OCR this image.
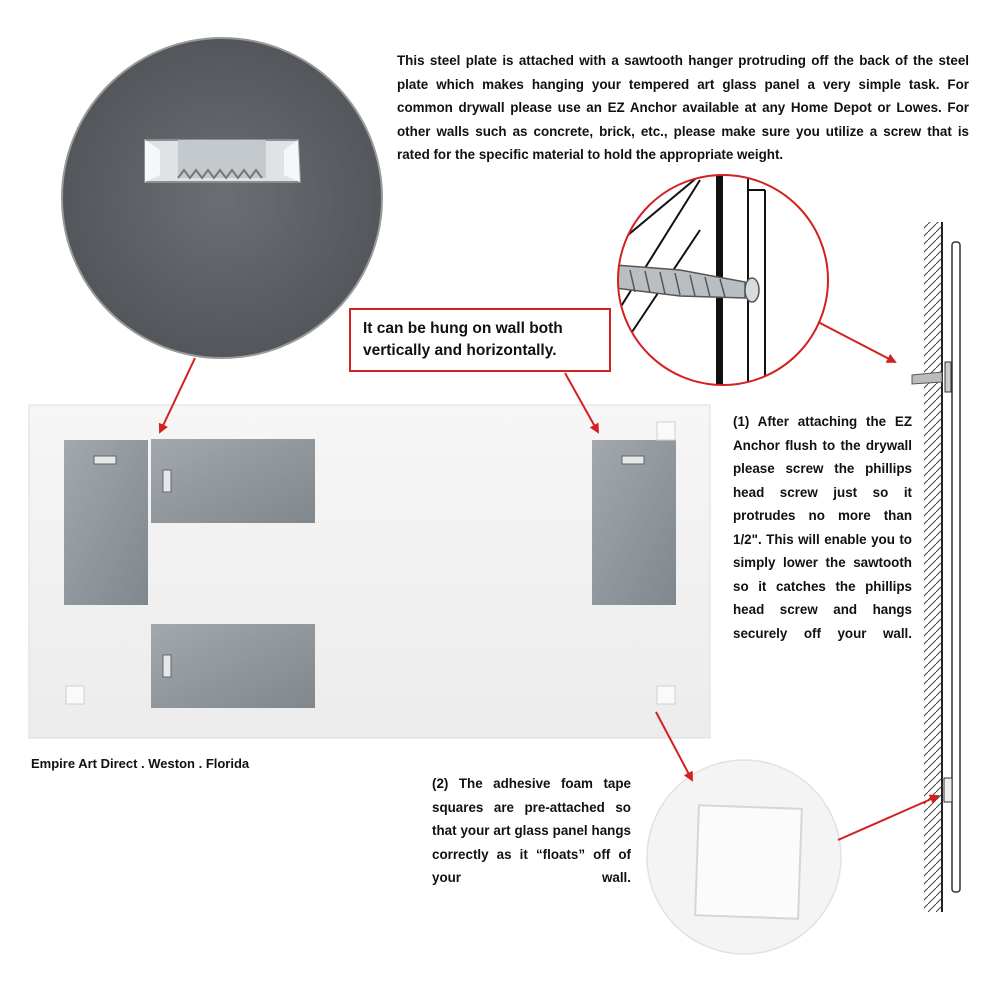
This steel plate is attached with a sawtooth hanger protruding off the back of the steel plate which makes hanging your tempered art glass panel a very simple task. For common drywall please use an EZ Anchor available at any Home Depot or Lowes. For other walls such as concrete, brick, etc., please make sure you utilize a screw that is rated for the specific material to hold the appropriate weight.
It can be hung on wall both vertically and horizontally.
(1) After attaching the EZ Anchor flush to the drywall please screw the phillips head screw just so it protrudes no more than 1/2". This will enable you to simply lower the sawtooth so it catches the phillips head screw and hangs securely off your wall.
(2) The adhesive foam tape squares are pre-attached so that your art glass panel hangs correctly as it “floats” off of your wall.
Empire Art Direct . Weston . Florida
